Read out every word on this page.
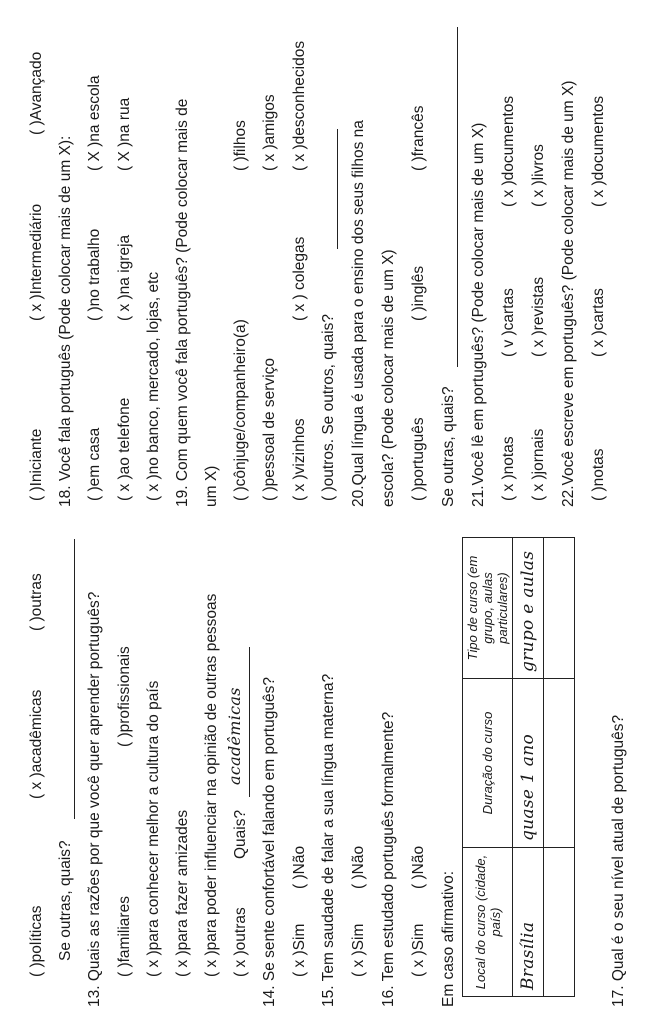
( )políticas
( x )acadêmicas
( )outras
Se outras, quais? 13. Quais as razões por que você quer aprender português? ( )familiares
( )profissionais ( x )para conhecer melhor a cultura do país ( x )para fazer amizades ( x )para poder influenciar na opinião de outras pessoas ( x )outras
Quais?
acadêmicas 14. Se sente confortável falando em português? ( x )Sim
( )Não 15. Tem saudade de falar a sua língua materna? ( x )Sim
( )Não 16. Tem estudado português formalmente? ( x )Sim
( )Não
Em caso afirmativo:	Local do curso (cidade, país)	Duração do curso	Tipo de curso (em grupo, aulas particulares)
Brasília	quase 1 ano	grupo e aulas

17. Qual é o seu nível atual de português?
( )Iniciante
( x )Intermediário
( )Avançado
18. Você fala português (Pode colocar mais de um X): ( )em casa
( )no trabalho
( X )na escola
( x )ao telefone
( x )na igreja
( X )na rua
( x )no banco, mercado, lojas, etc 19. Com quem você fala português? (Pode colocar mais de um X) ( )cônjuge/companheiro(a)
( )filhos
( )pessoal de serviço
( x )amigos
( x )vizinhos
( x ) colegas
( x )desconhecidos
( )outros. Se outros, quais? 20.Qual língua é usada para o ensino dos seus filhos na escola? (Pode colocar mais de um X) ( )português
( )inglês
( )francês
Se outras, quais? 21.Você lê em português? (Pode colocar mais de um X) ( x )notas
( v )cartas
( x )documentos
( x )jornais
( x )revistas
( x )livros 22.Você escreve em português? (Pode colocar mais de um X) ( )notas
( x )cartas
( x )documentos
